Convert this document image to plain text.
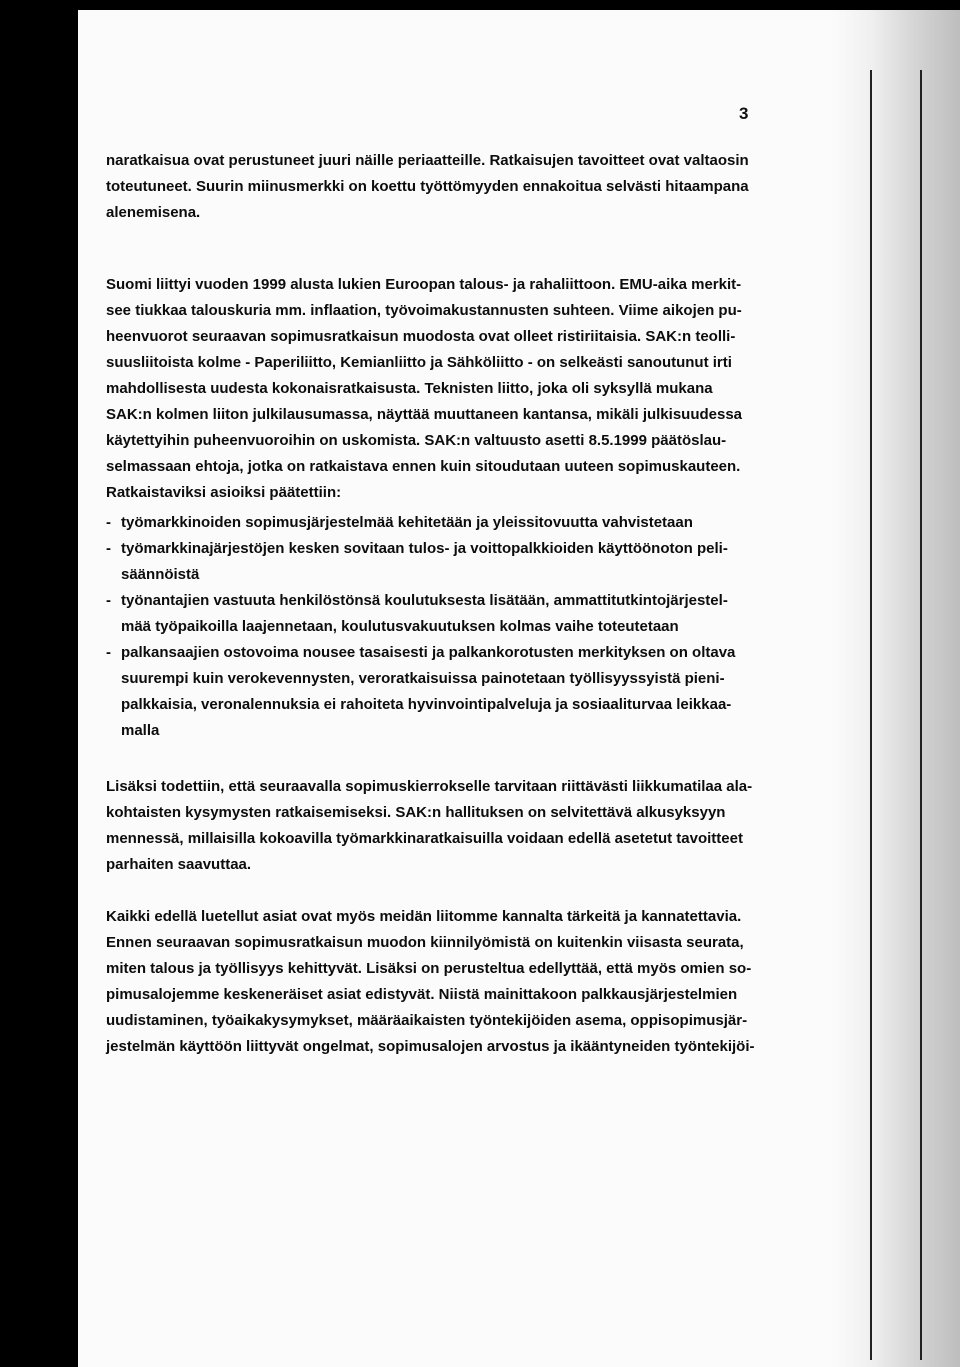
3

naratkaisua ovat perustuneet juuri näille periaatteille. Ratkaisujen tavoitteet ovat valtaosin

toteutuneet. Suurin miinusmerkki on koettu työttömyyden ennakoitua selvästi hitaampana

alenemisena.

Suomi liittyi vuoden 1999 alusta lukien Euroopan talous- ja rahaliittoon. EMU-aika merkit-

see tiukkaa talouskuria mm. inflaation, työvoimakustannusten suhteen. Viime aikojen pu-

heenvuorot seuraavan sopimusratkaisun muodosta ovat olleet ristiriitaisia. SAK:n teolli-

suusliitoista kolme - Paperiliitto, Kemianliitto ja Sähköliitto - on selkeästi sanoutunut irti

mahdollisesta uudesta kokonaisratkaisusta. Teknisten liitto, joka oli syksyllä mukana

SAK:n kolmen liiton julkilausumassa, näyttää muuttaneen kantansa, mikäli julkisuudessa

käytettyihin puheenvuoroihin on uskomista. SAK:n valtuusto asetti 8.5.1999 päätöslau-

selmassaan ehtoja, jotka on ratkaistava ennen kuin sitoudutaan uuteen sopimuskauteen.

Ratkaistaviksi asioiksi päätettiin:

- työmarkkinoiden sopimusjärjestelmää kehitetään ja yleissitovuutta vahvistetaan

- työmarkkinajärjestöjen kesken sovitaan tulos- ja voittopalkkioiden käyttöönoton peli-

säännöistä

- työnantajien vastuuta henkilöstönsä koulutuksesta lisätään, ammattitutkintojärjestel-

mää työpaikoilla laajennetaan, koulutusvakuutuksen kolmas vaihe toteutetaan

- palkansaajien ostovoima nousee tasaisesti ja palkankorotusten merkityksen on oltava

suurempi kuin verokevennysten, veroratkaisuissa painotetaan työllisyyssyistä pieni-

palkkaisia, veronalennuksia ei rahoiteta hyvinvointipalveluja ja sosiaaliturvaa leikkaa-

malla

Lisäksi todettiin, että seuraavalla sopimuskierrokselle tarvitaan riittävästi liikkumatilaa ala-

kohtaisten kysymysten ratkaisemiseksi. SAK:n hallituksen on selvitettävä alkusyksyyn

mennessä, millaisilla kokoavilla työmarkkinaratkaisuilla voidaan edellä asetetut tavoitteet

parhaiten saavuttaa.

Kaikki edellä luetellut asiat ovat myös meidän liitomme kannalta tärkeitä ja kannatettavia.

Ennen seuraavan sopimusratkaisun muodon kiinnilyömistä on kuitenkin viisasta seurata,

miten talous ja työllisyys kehittyvät. Lisäksi on perusteltua edellyttää, että myös omien so-

pimusalojemme keskeneräiset asiat edistyvät. Niistä mainittakoon palkkausjärjestelmien

uudistaminen, työaikakysymykset, määräaikaisten työntekijöiden asema, oppisopimusjär-

jestelmän käyttöön liittyvät ongelmat, sopimusalojen arvostus ja ikääntyneiden työntekijöi-
